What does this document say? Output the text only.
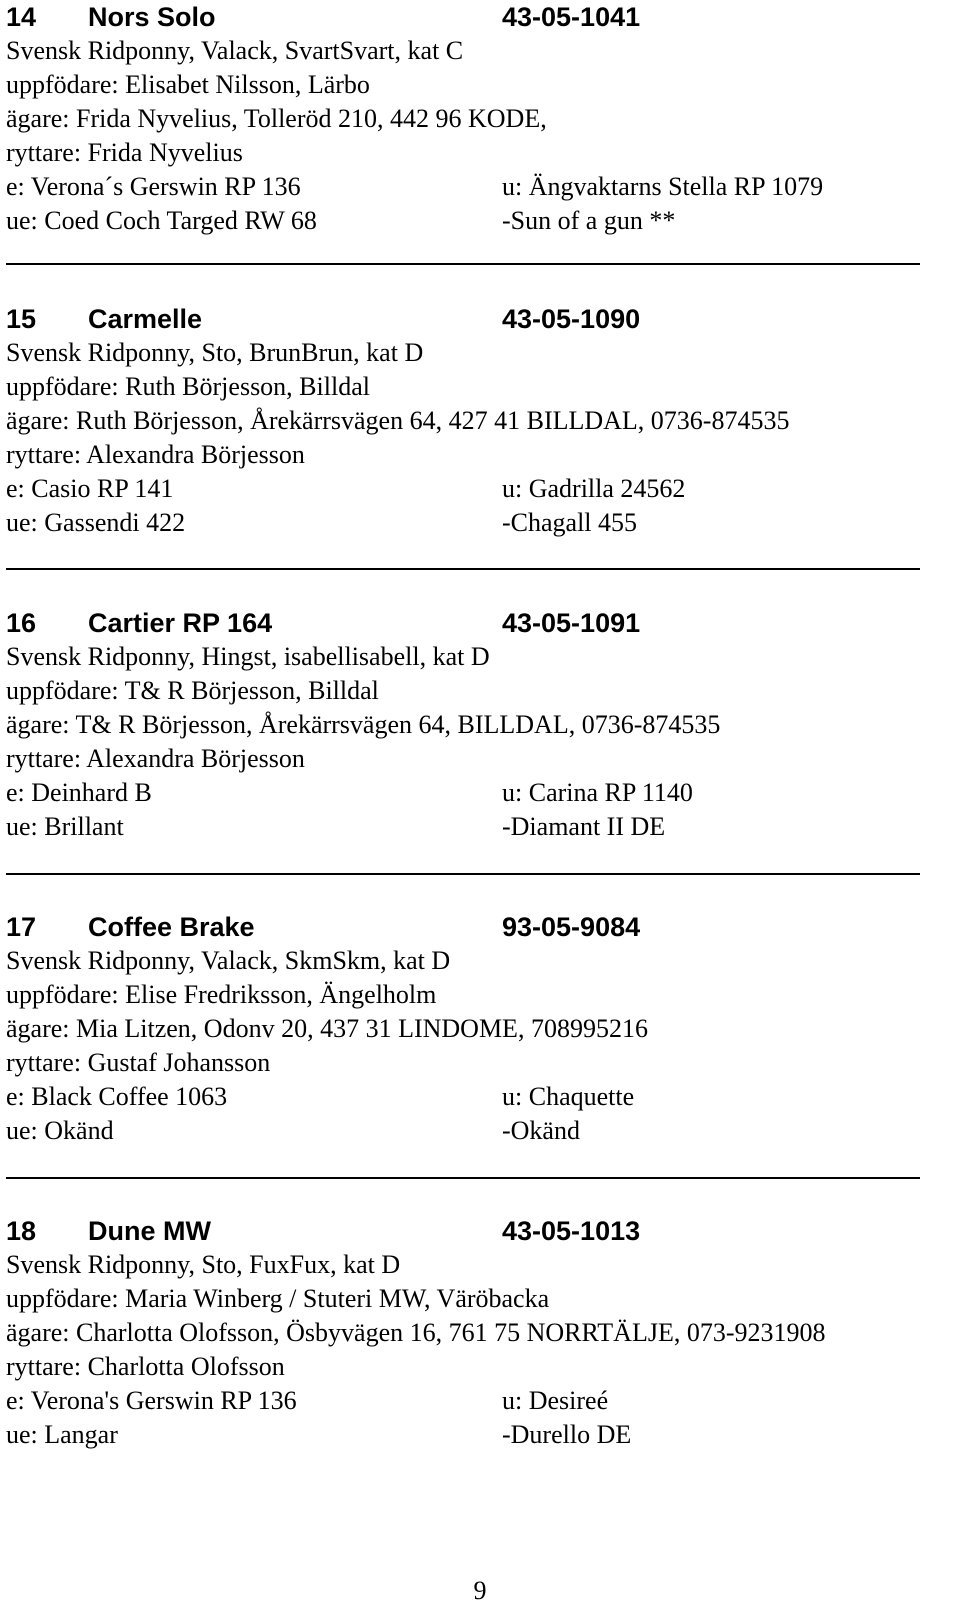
14 Nors Solo	43-05-1041
Svensk Ridponny, Valack, SvartSvart, kat C
uppfödare: Elisabet Nilsson, Lärbo
ägare: Frida Nyvelius, Tolleröd 210, 442 96 KODE,
ryttare: Frida Nyvelius
e: Verona´s Gerswin RP 136	u: Ängvaktarns Stella RP 1079
ue: Coed Coch Targed RW 68	-Sun of a gun **
15 Carmelle	43-05-1090
Svensk Ridponny, Sto, BrunBrun, kat D
uppfödare: Ruth Börjesson, Billdal
ägare: Ruth Börjesson, Årekärrsvägen 64, 427 41 BILLDAL, 0736-874535
ryttare: Alexandra Börjesson
e: Casio RP 141	u: Gadrilla 24562
ue: Gassendi 422	-Chagall 455
16 Cartier RP 164	43-05-1091
Svensk Ridponny, Hingst, isabellisabell, kat D
uppfödare: T& R Börjesson, Billdal
ägare: T& R Börjesson, Årekärrsvägen 64, BILLDAL, 0736-874535
ryttare: Alexandra Börjesson
e: Deinhard B	u: Carina RP 1140
ue: Brillant	-Diamant II DE
17 Coffee Brake	93-05-9084
Svensk Ridponny, Valack, SkmSkm, kat D
uppfödare: Elise Fredriksson, Ängelholm
ägare: Mia Litzen, Odonv 20, 437 31 LINDOME, 708995216
ryttare: Gustaf Johansson
e: Black Coffee 1063	u: Chaquette
ue: Okänd	-Okänd
18 Dune MW	43-05-1013
Svensk Ridponny, Sto, FuxFux, kat D
uppfödare: Maria Winberg / Stuteri MW, Väröbacka
ägare: Charlotta Olofsson, Ösbyvägen 16, 761 75 NORRTÄLJE, 073-9231908
ryttare: Charlotta Olofsson
e: Verona's Gerswin RP 136	u: Desireé
ue: Langar	-Durello DE
9
